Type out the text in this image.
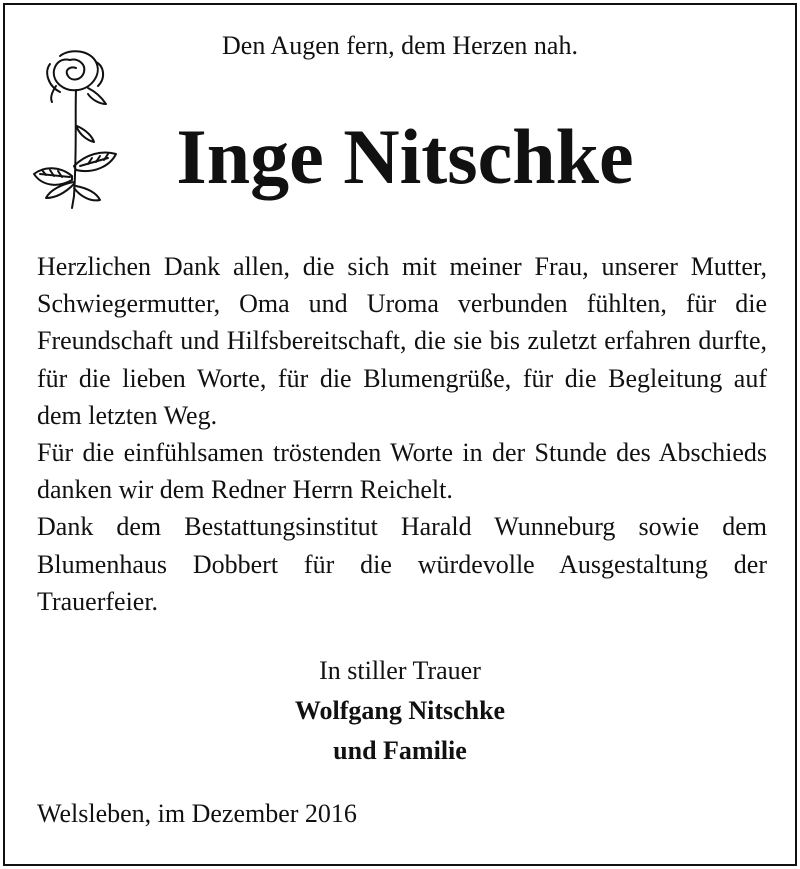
Den Augen fern, dem Herzen nah.
Inge Nitschke

Herzlichen Dank allen, die sich mit meiner Frau, unserer Mutter, Schwiegermutter, Oma und Uroma verbunden fühlten, für die Freundschaft und Hilfsbereitschaft, die sie bis zuletzt erfahren durfte, für die lieben Worte, für die Blumengrüße, für die Begleitung auf dem letzten Weg.

Für die einfühlsamen tröstenden Worte in der Stunde des Abschieds danken wir dem Redner Herrn Reichelt.

Dank dem Bestattungsinstitut Harald Wunneburg sowie dem Blumenhaus Dobbert für die würdevolle Ausgestaltung der Trauerfeier.

In stiller Trauer
Wolfgang Nitschke
und Familie
Welsleben, im Dezember 2016
